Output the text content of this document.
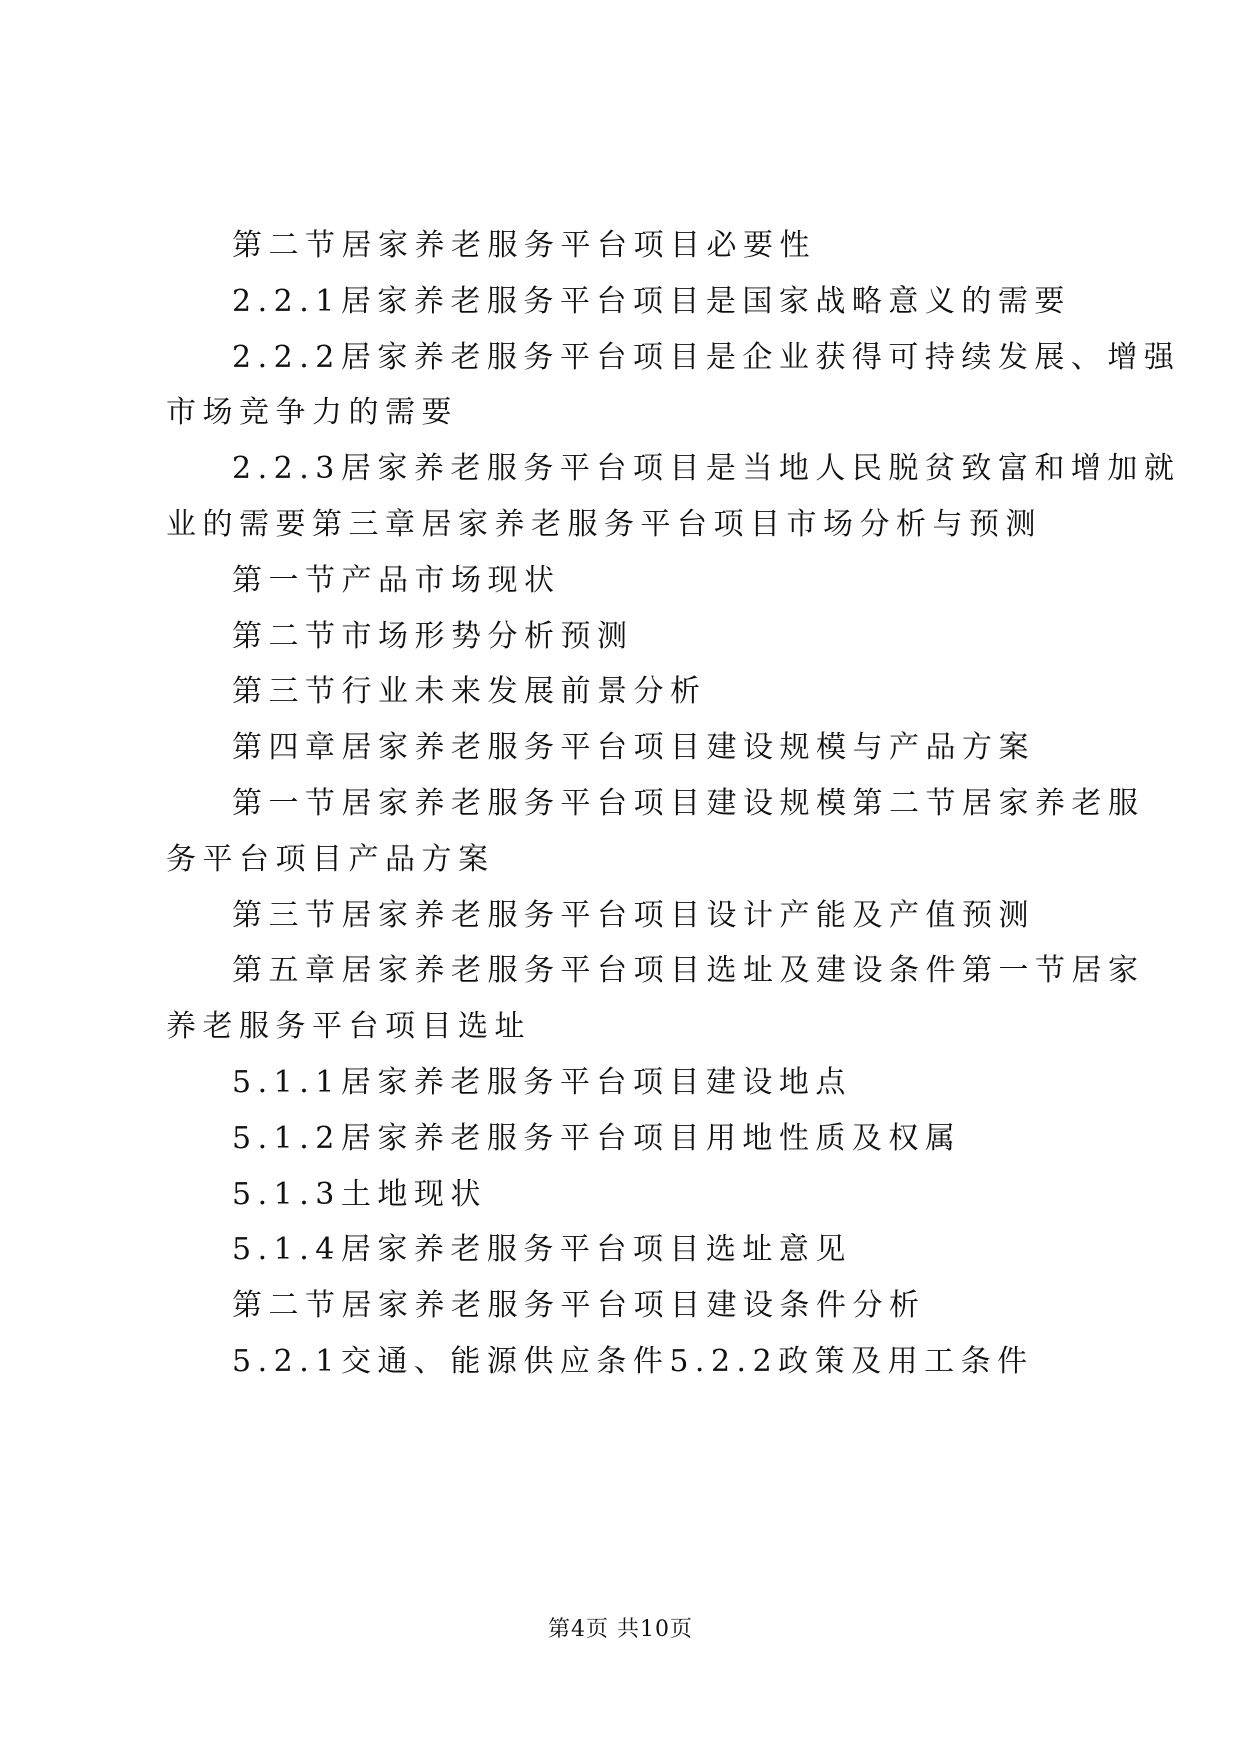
第二节居家养老服务平台项目必要性
2.2.1居家养老服务平台项目是国家战略意义的需要
2.2.2居家养老服务平台项目是企业获得可持续发展、增强
市场竞争力的需要
2.2.3居家养老服务平台项目是当地人民脱贫致富和增加就
业的需要第三章居家养老服务平台项目市场分析与预测
第一节产品市场现状
第二节市场形势分析预测
第三节行业未来发展前景分析
第四章居家养老服务平台项目建设规模与产品方案
第一节居家养老服务平台项目建设规模第二节居家养老服
务平台项目产品方案
第三节居家养老服务平台项目设计产能及产值预测
第五章居家养老服务平台项目选址及建设条件第一节居家
养老服务平台项目选址
5.1.1居家养老服务平台项目建设地点
5.1.2居家养老服务平台项目用地性质及权属
5.1.3土地现状
5.1.4居家养老服务平台项目选址意见
第二节居家养老服务平台项目建设条件分析
5.2.1交通、能源供应条件5.2.2政策及用工条件
第4页 共10页
